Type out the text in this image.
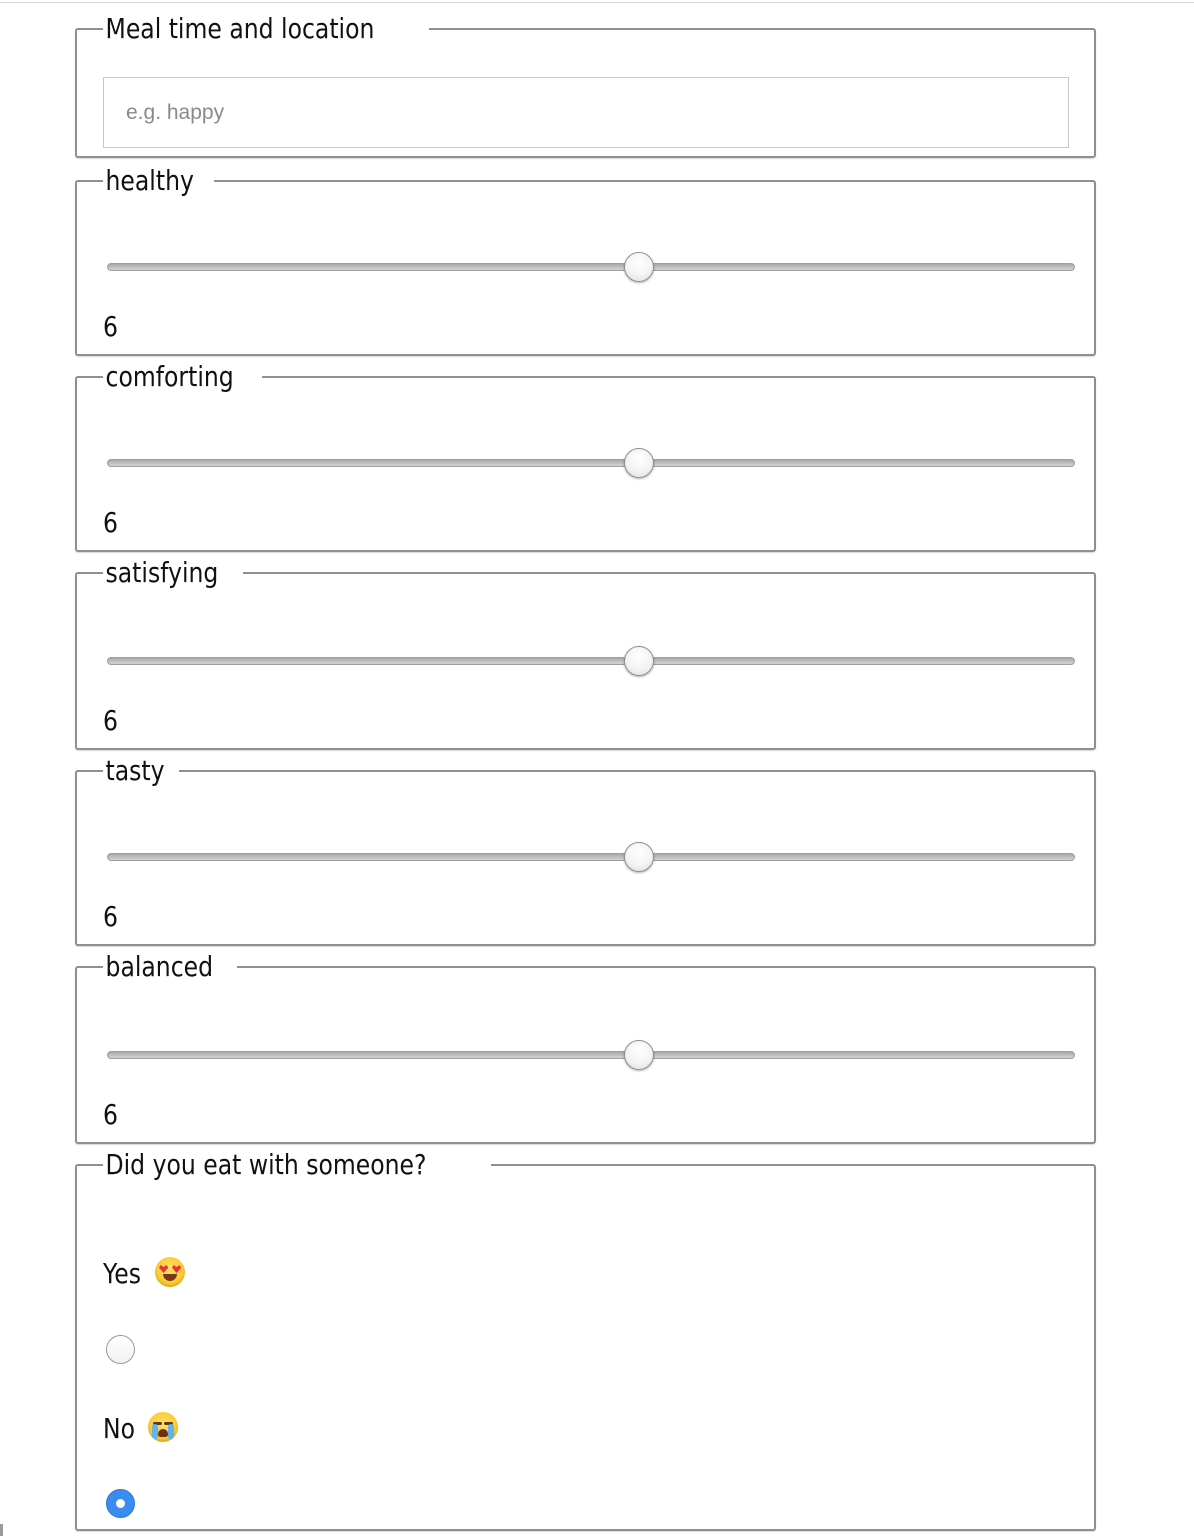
Meal time and location
e.g. happy
healthy
6
comforting
6
satisfying
6
tasty
6
balanced
6
Did you eat with someone?
Yes
No
